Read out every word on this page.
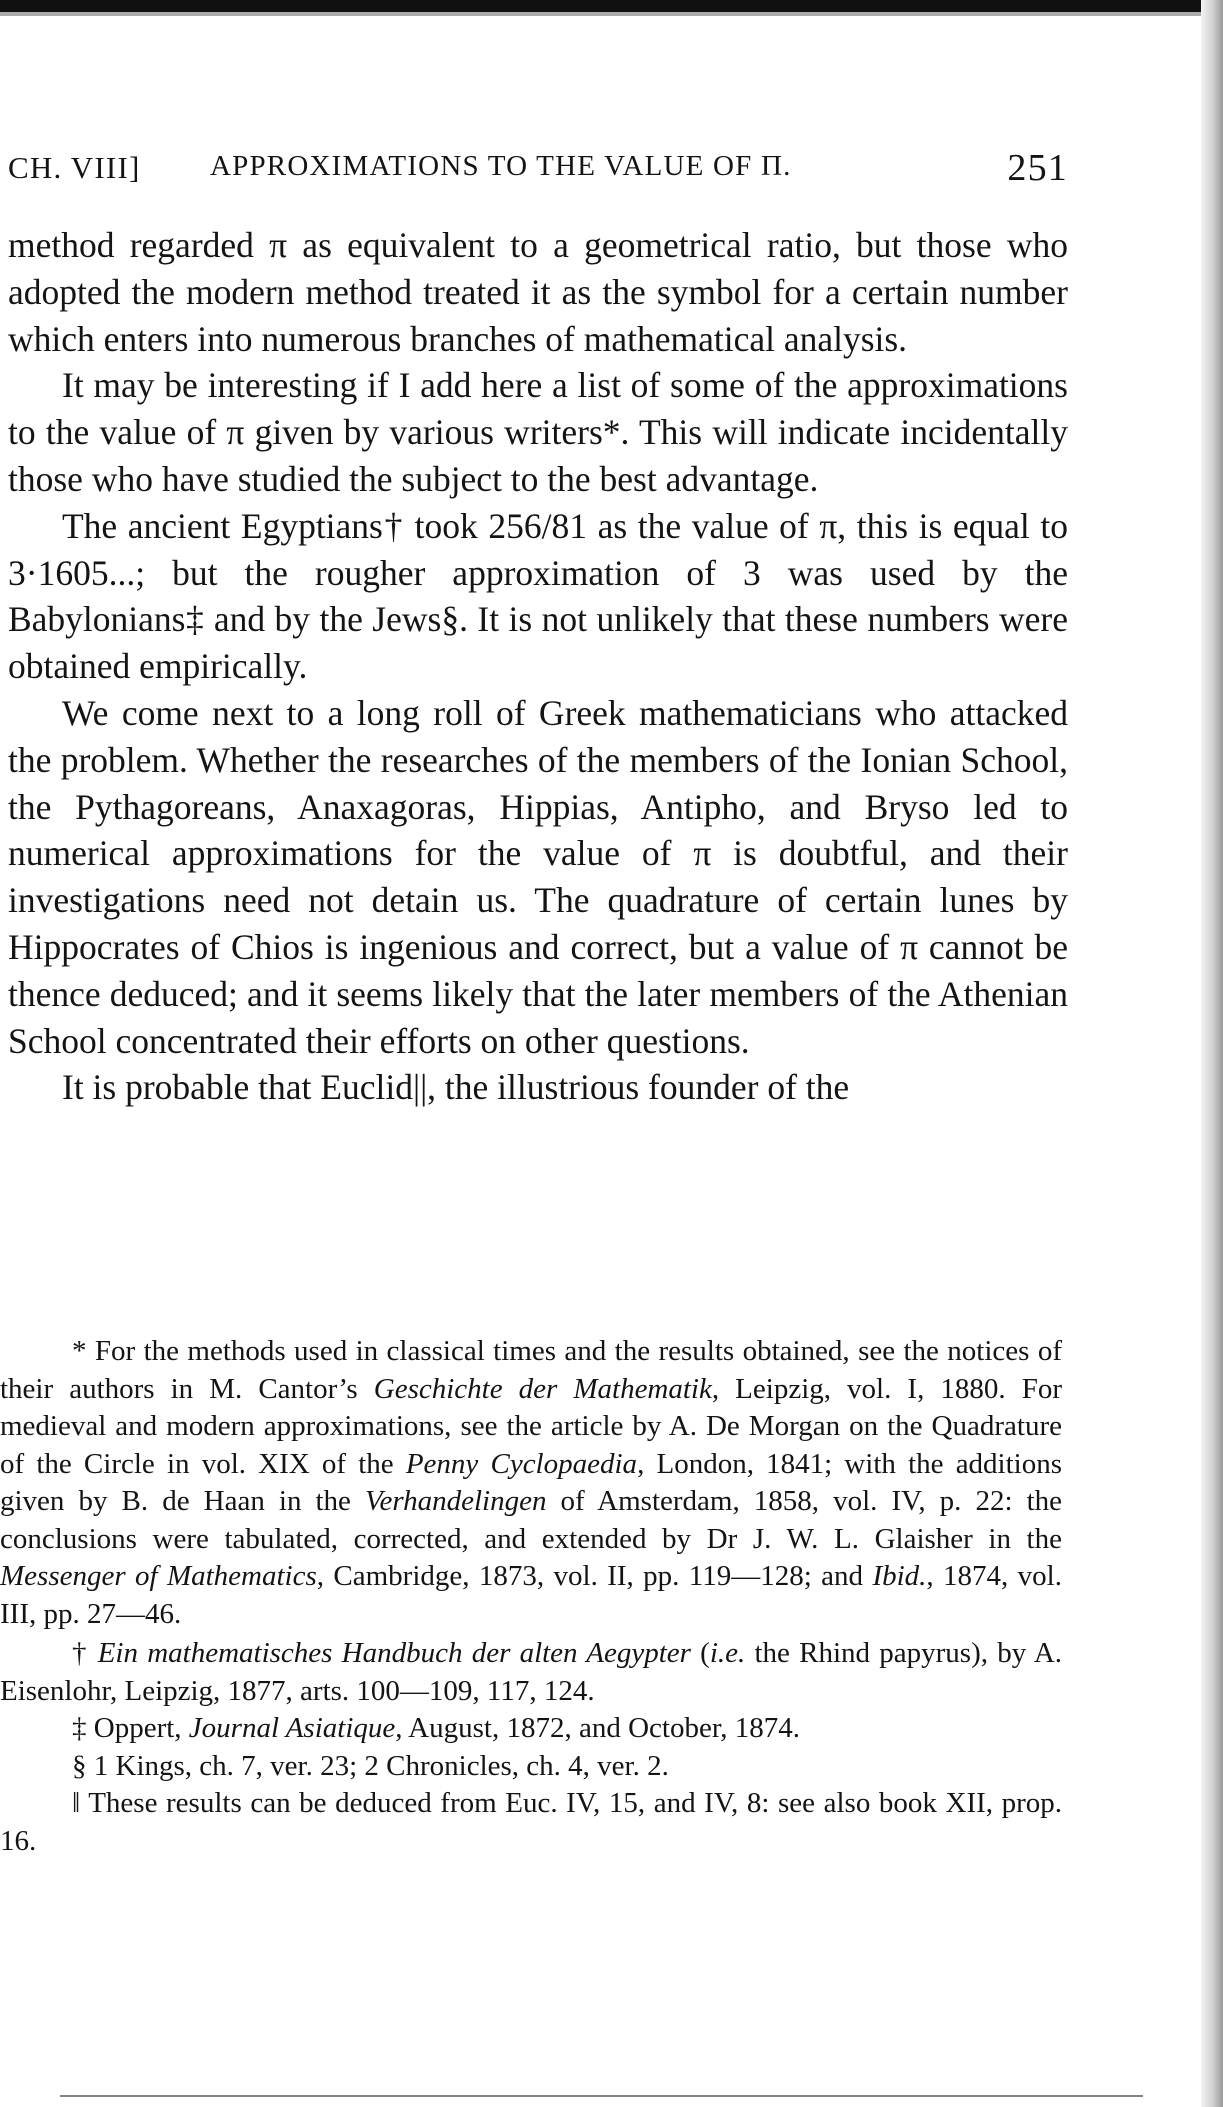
CH. VIII] APPROXIMATIONS TO THE VALUE OF Π.	251

method regarded π as equivalent to a geometrical ratio, but those who adopted the modern method treated it as the symbol for a certain number which enters into numerous branches of mathematical analysis.

It may be interesting if I add here a list of some of the approximations to the value of π given by various writers*. This will indicate incidentally those who have studied the subject to the best advantage.

The ancient Egyptians† took 256/81 as the value of π, this is equal to 3·1605...; but the rougher approximation of 3 was used by the Babylonians‡ and by the Jews§. It is not unlikely that these numbers were obtained empirically.

We come next to a long roll of Greek mathematicians who attacked the problem. Whether the researches of the members of the Ionian School, the Pythagoreans, Anaxagoras, Hippias, Antipho, and Bryso led to numerical approximations for the value of π is doubtful, and their investigations need not detain us. The quadrature of certain lunes by Hippocrates of Chios is ingenious and correct, but a value of π cannot be thence deduced; and it seems likely that the later members of the Athenian School concentrated their efforts on other questions.

It is probable that Euclid||, the illustrious founder of the

* For the methods used in classical times and the results obtained, see the notices of their authors in M. Cantor’s Geschichte der Mathematik, Leipzig, vol. I, 1880. For medieval and modern approximations, see the article by A. De Morgan on the Quadrature of the Circle in vol. XIX of the Penny Cyclopaedia, London, 1841; with the additions given by B. de Haan in the Verhandelingen of Amsterdam, 1858, vol. IV, p. 22: the conclusions were tabulated, corrected, and extended by Dr J. W. L. Glaisher in the Messenger of Mathematics, Cambridge, 1873, vol. II, pp. 119—128; and Ibid., 1874, vol. III, pp. 27—46.

† Ein mathematisches Handbuch der alten Aegypter (i.e. the Rhind papyrus), by A. Eisenlohr, Leipzig, 1877, arts. 100—109, 117, 124.

‡ Oppert, Journal Asiatique, August, 1872, and October, 1874.

§ 1 Kings, ch. 7, ver. 23; 2 Chronicles, ch. 4, ver. 2.

‖ These results can be deduced from Euc. IV, 15, and IV, 8: see also book XII, prop. 16.
